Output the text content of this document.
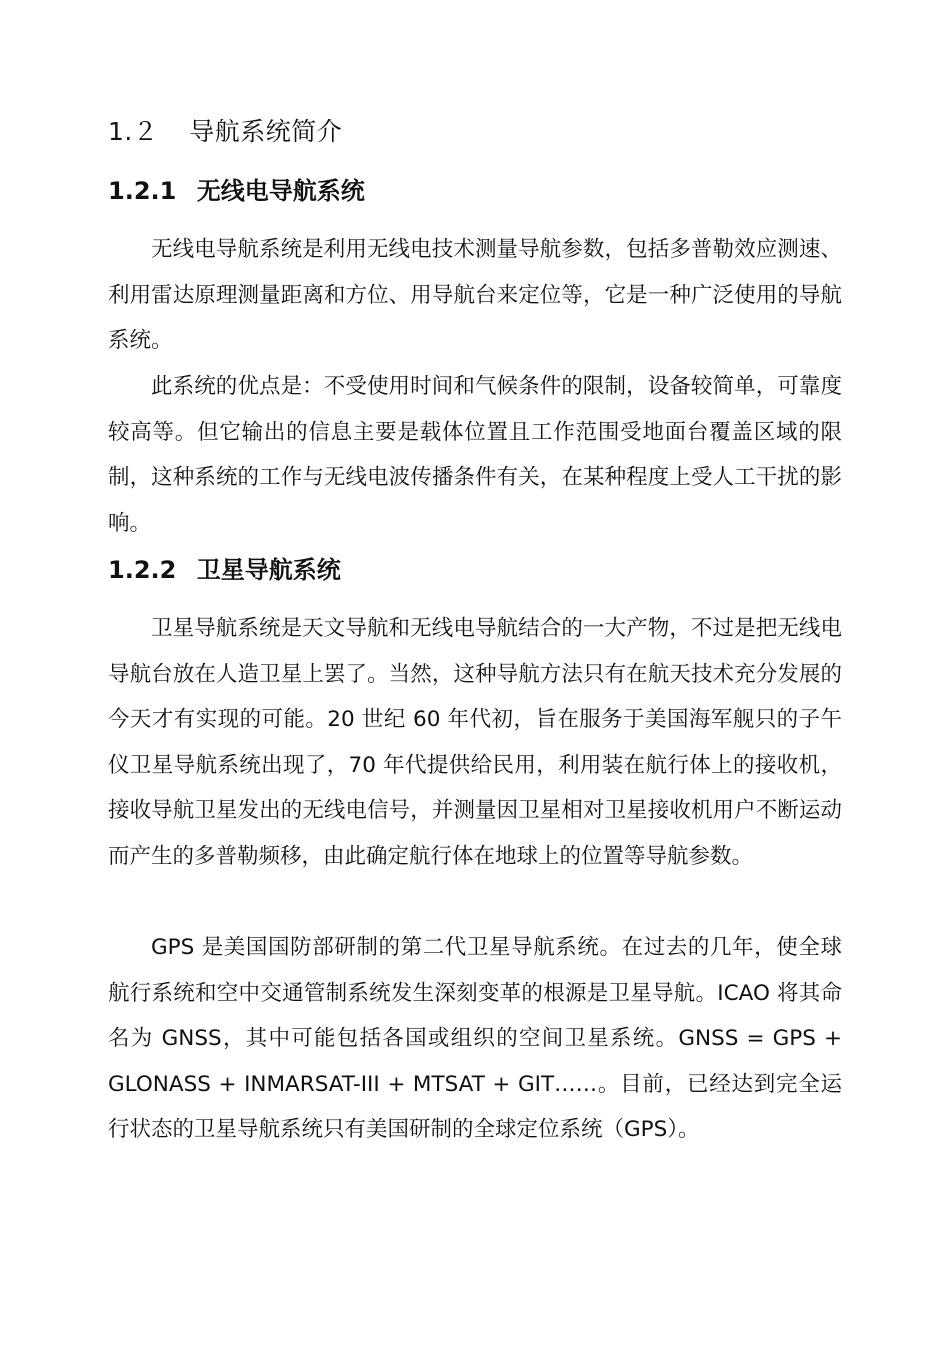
1.２ 导航系统简介
1.2.1 无线电导航系统

无线电导航系统是利用无线电技术测量导航参数，包括多普勒效应测速、利用雷达原理测量距离和方位、用导航台来定位等，它是一种广泛使用的导航系统。

此系统的优点是：不受使用时间和气候条件的限制，设备较简单，可靠度较高等。但它输出的信息主要是载体位置且工作范围受地面台覆盖区域的限制，这种系统的工作与无线电波传播条件有关，在某种程度上受人工干扰的影响。

1.2.2 卫星导航系统

卫星导航系统是天文导航和无线电导航结合的一大产物，不过是把无线电导航台放在人造卫星上罢了。当然，这种导航方法只有在航天技术充分发展的今天才有实现的可能。20 世纪 60 年代初，旨在服务于美国海军舰只的子午仪卫星导航系统出现了，70 年代提供给民用，利用装在航行体上的接收机，接收导航卫星发出的无线电信号，并测量因卫星相对卫星接收机用户不断运动而产生的多普勒频移，由此确定航行体在地球上的位置等导航参数。

GPS 是美国国防部研制的第二代卫星导航系统。在过去的几年，使全球航行系统和空中交通管制系统发生深刻变革的根源是卫星导航。ICAO 将其命名为 GNSS，其中可能包括各国或组织的空间卫星系统。GNSS = GPS + GLONASS + INMARSAT-III + MTSAT + GIT……。目前，已经达到完全运行状态的卫星导航系统只有美国研制的全球定位系统（GPS）。
